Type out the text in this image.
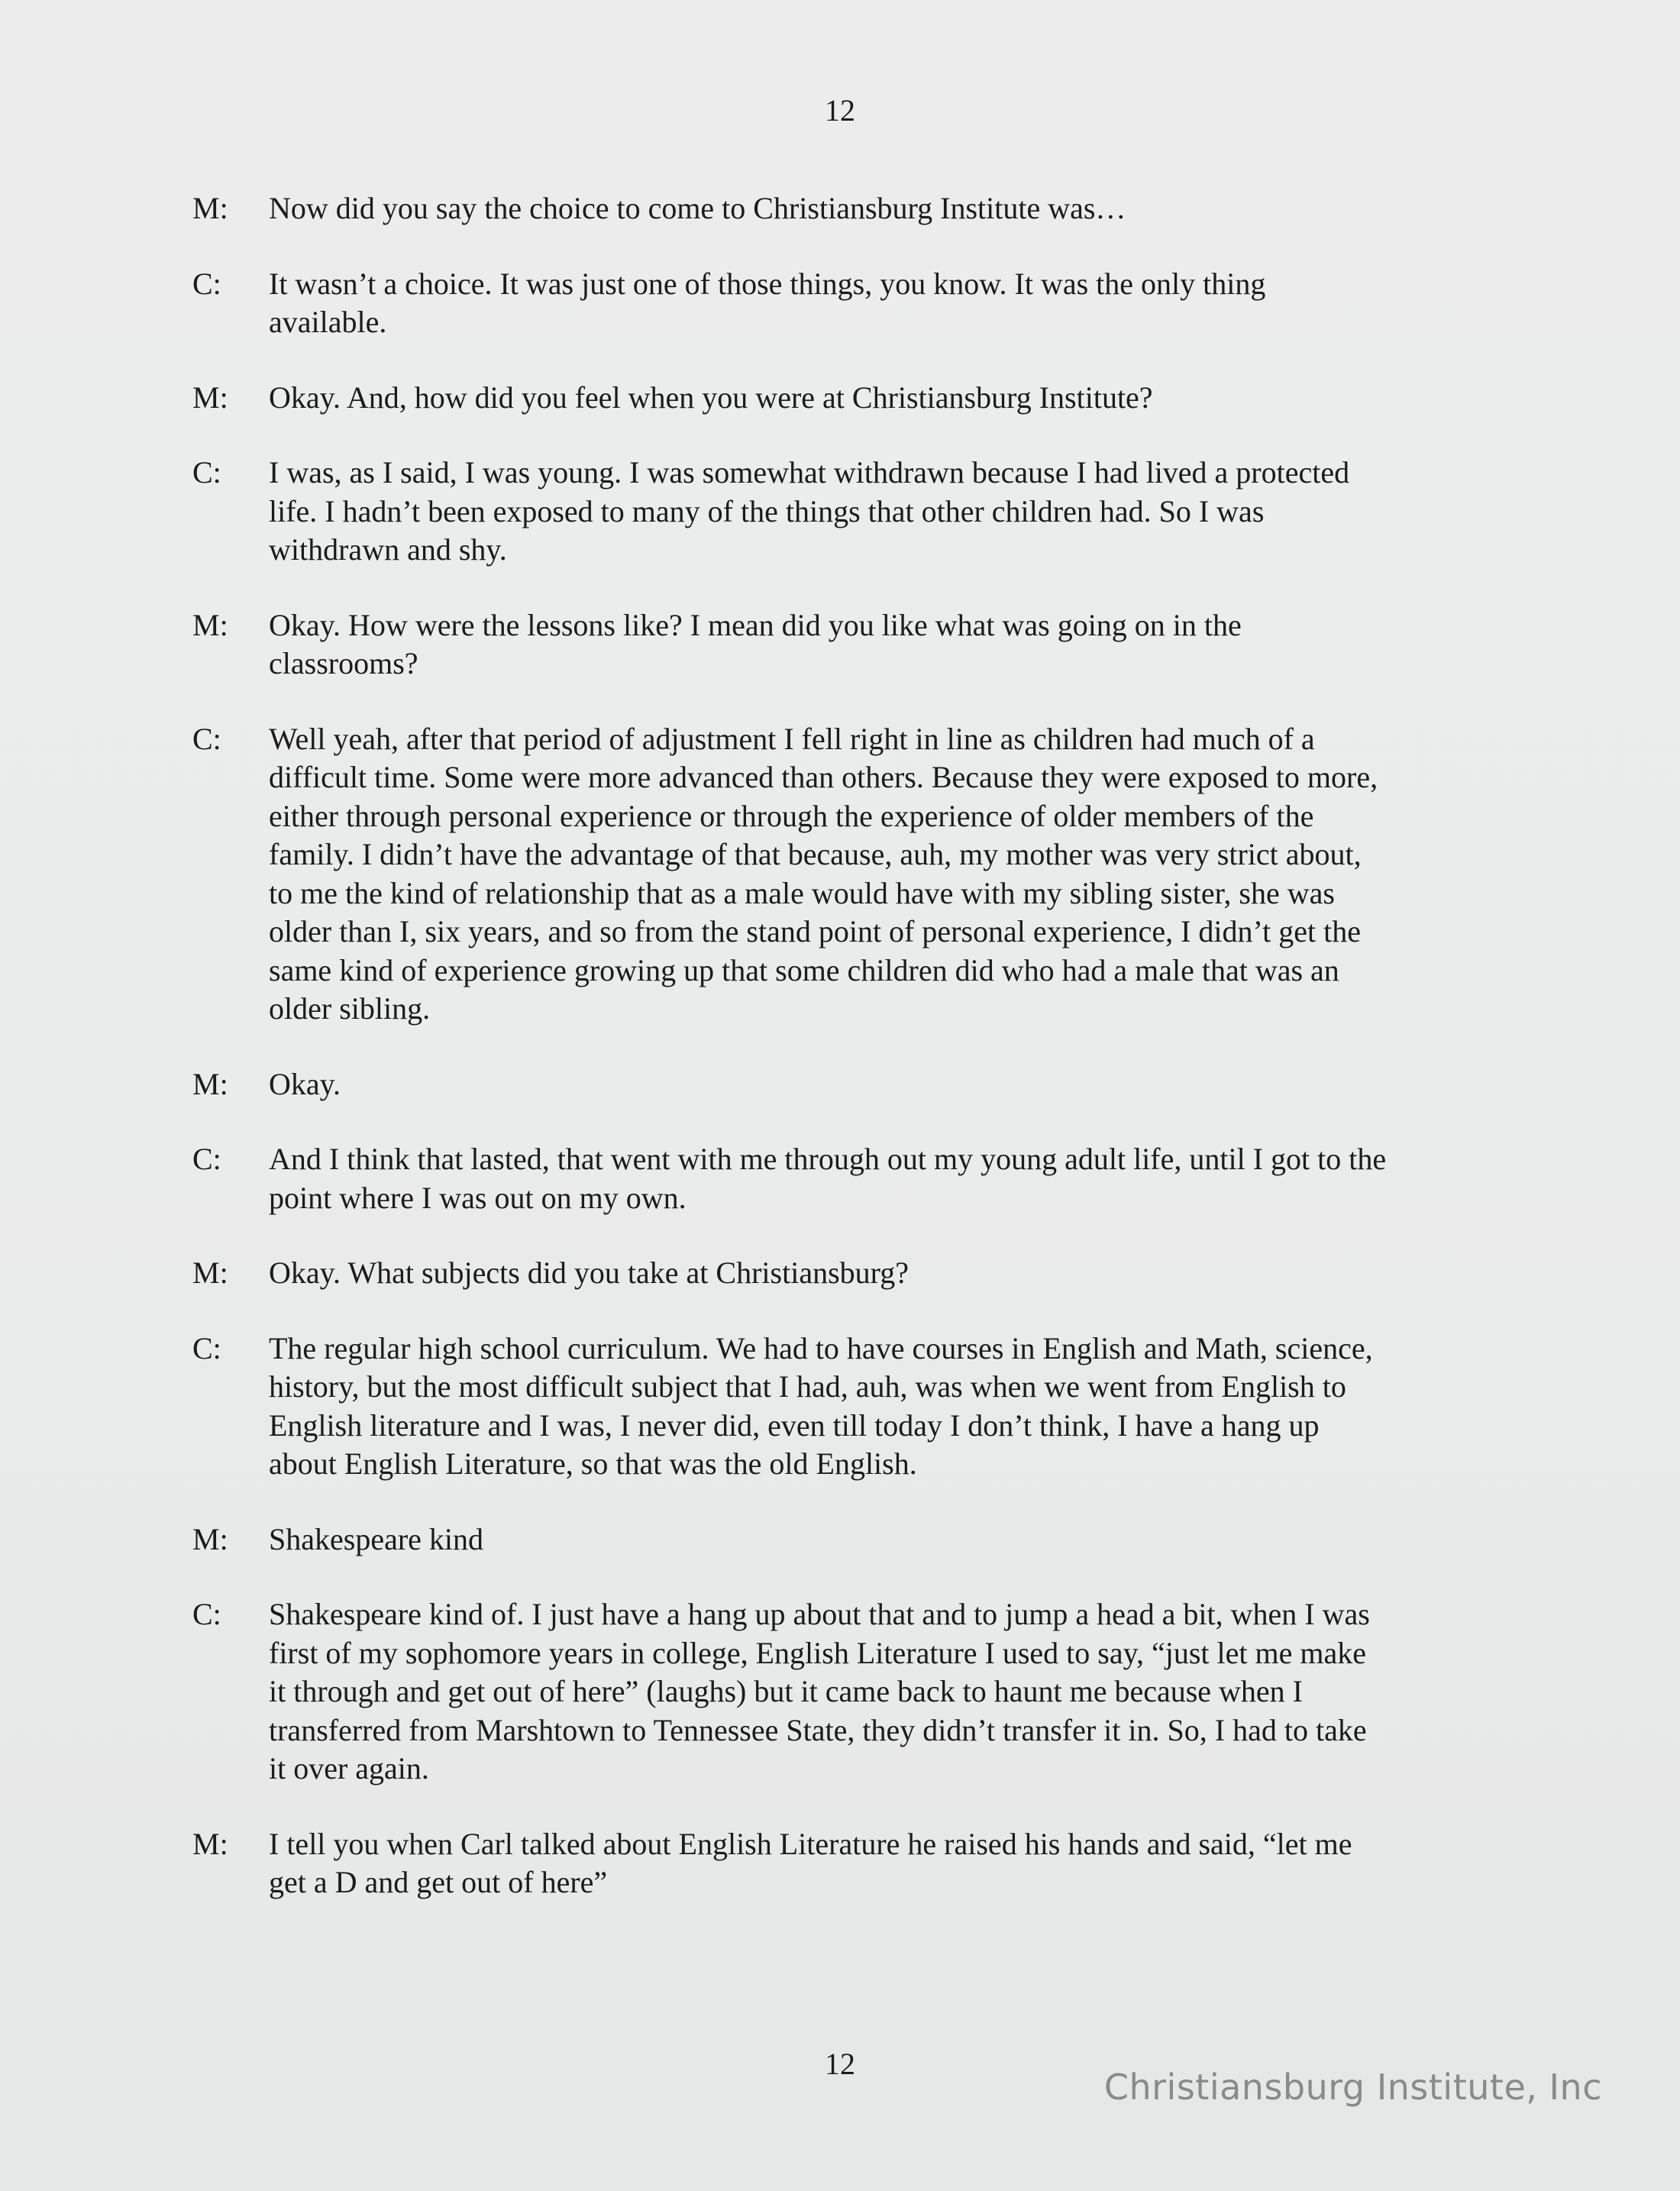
12
M:	Now did you say the choice to come to Christiansburg Institute was…
C:	It wasn’t a choice. It was just one of those things, you know. It was the only thing
available.
M:	Okay. And, how did you feel when you were at Christiansburg Institute?
C:	I was, as I said, I was young. I was somewhat withdrawn because I had lived a protected
life. I hadn’t been exposed to many of the things that other children had. So I was
withdrawn and shy.
M:	Okay. How were the lessons like? I mean did you like what was going on in the
classrooms?
C:	Well yeah, after that period of adjustment I fell right in line as children had much of a
difficult time. Some were more advanced than others. Because they were exposed to more,
either through personal experience or through the experience of older members of the
family. I didn’t have the advantage of that because, auh, my mother was very strict about,
to me the kind of relationship that as a male would have with my sibling sister, she was
older than I, six years, and so from the stand point of personal experience, I didn’t get the
same kind of experience growing up that some children did who had a male that was an
older sibling.
M:	Okay.
C:	And I think that lasted, that went with me through out my young adult life, until I got to the
point where I was out on my own.
M:	Okay. What subjects did you take at Christiansburg?
C:	The regular high school curriculum. We had to have courses in English and Math, science,
history, but the most difficult subject that I had, auh, was when we went from English to
English literature and I was, I never did, even till today I don’t think, I have a hang up
about English Literature, so that was the old English.
M:	Shakespeare kind
C:	Shakespeare kind of. I just have a hang up about that and to jump a head a bit, when I was
first of my sophomore years in college, English Literature I used to say, “just let me make
it through and get out of here” (laughs) but it came back to haunt me because when I
transferred from Marshtown to Tennessee State, they didn’t transfer it in. So, I had to take
it over again.
M:	I tell you when Carl talked about English Literature he raised his hands and said, “let me
get a D and get out of here”
12
Christiansburg Institute, Inc
